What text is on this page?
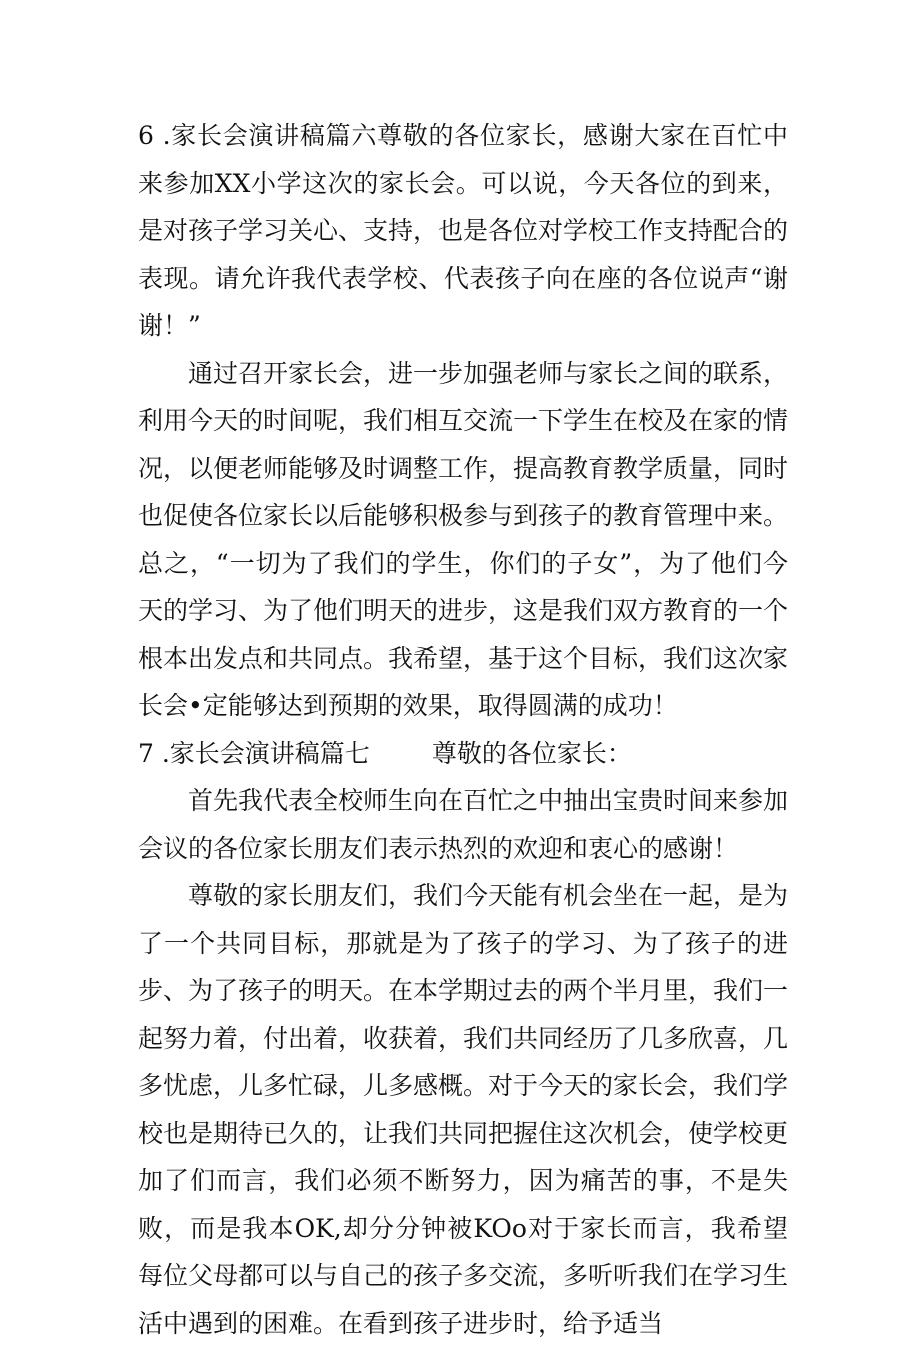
6 .家长会演讲稿篇六尊敬的各位家长，感谢大家在百忙中来参加XX小学这次的家长会。可以说，今天各位的到来，是对孩子学习关心、支持，也是各位对学校工作支持配合的表现。请允许我代表学校、代表孩子向在座的各位说声“谢谢！”

通过召开家长会，进一步加强老师与家长之间的联系，利用今天的时间呢，我们相互交流一下学生在校及在家的情况，以便老师能够及时调整工作，提高教育教学质量，同时也促使各位家长以后能够积极参与到孩子的教育管理中来。总之，“一切为了我们的学生，你们的子女”，为了他们今天的学习、为了他们明天的进步，这是我们双方教育的一个根本出发点和共同点。我希望，基于这个目标，我们这次家长会•定能够达到预期的效果，取得圆满的成功！

7 .家长会演讲稿篇七 尊敬的各位家长：

首先我代表全校师生向在百忙之中抽出宝贵时间来参加会议的各位家长朋友们表示热烈的欢迎和衷心的感谢！

尊敬的家长朋友们，我们今天能有机会坐在一起，是为了一个共同目标，那就是为了孩子的学习、为了孩子的进步、为了孩子的明天。在本学期过去的两个半月里，我们一起努力着，付出着，收获着，我们共同经历了几多欣喜，几多忧虑，儿多忙碌，儿多感概。对于今天的家长会，我们学校也是期待已久的，让我们共同把握住这次机会，使学校更加了们而言，我们必须不断努力，因为痛苦的事，不是失败，而是我本OK,却分分钟被KOo对于家长而言，我希望每位父母都可以与自己的孩子多交流，多听听我们在学习生活中遇到的困难。在看到孩子进步时，给予适当
